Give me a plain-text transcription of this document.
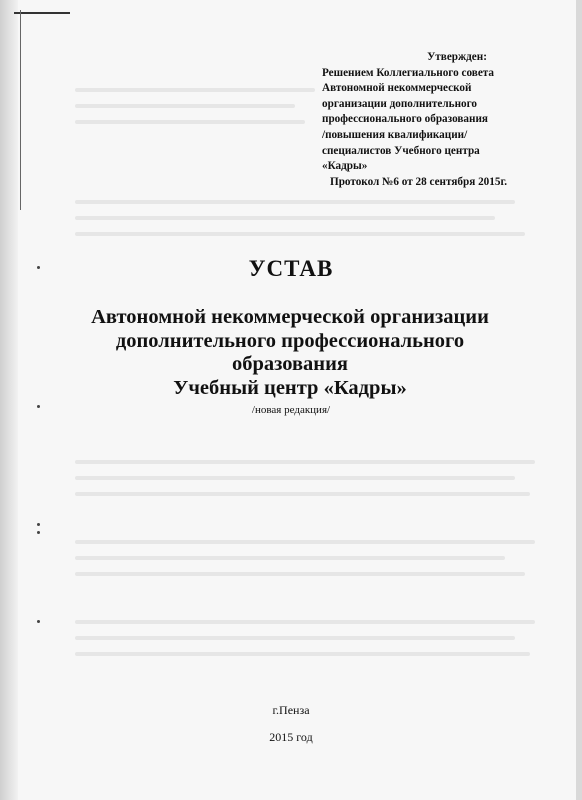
Утвержден:
Решением Коллегиального совета
Автономной некоммерческой
организации дополнительного
профессионального образования
/повышения квалификации/
специалистов Учебного центра
«Кадры»
Протокол №6 от 28 сентября 2015г.
УСТАВ
Автономной некоммерческой организации
дополнительного профессионального
образования
Учебный центр «Кадры»
/новая редакция/
г.Пенза
2015 год
